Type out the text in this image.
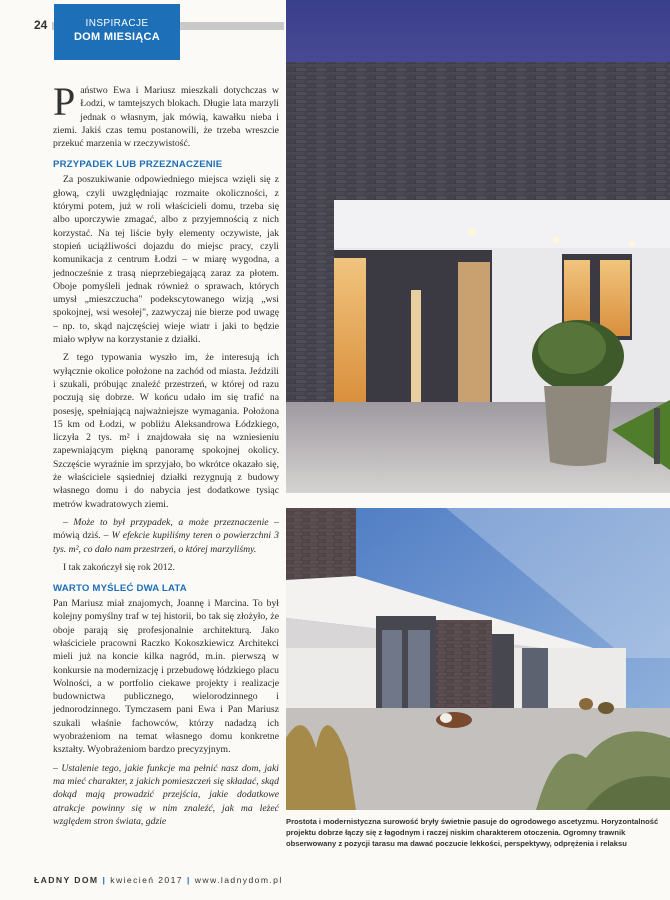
24	INSPIRACJE
DOM MIESIĄCA

Państwo Ewa i Mariusz mieszkali dotychczas w Łodzi, w tamtejszych blokach. Długie lata marzyli jednak o własnym, jak mówią, kawałku nieba i ziemi. Jakiś czas temu postanowili, że trzeba wreszcie przekuć marzenia w rzeczywistość.

PRZYPADEK LUB PRZEZNACZENIE

Za poszukiwanie odpowiedniego miejsca wzięli się z głową, czyli uwzględniając rozmaite okoliczności, z którymi potem, już w roli właścicieli domu, trzeba się albo uporczywie zmagać, albo z przyjemnością z nich korzystać. Na tej liście były elementy oczywiste, jak stopień uciążliwości dojazdu do miejsc pracy, czyli komunikacja z centrum Łodzi – w miarę wygodna, a jednocześnie z trasą nieprzebiegającą zaraz za płotem. Oboje pomyśleli jednak również o sprawach, których umysł „mieszczucha" podekscytowanego wizją „wsi spokojnej, wsi wesołej", zazwyczaj nie bierze pod uwagę – np. to, skąd najczęściej wieje wiatr i jaki to będzie miało wpływ na korzystanie z działki.

Z tego typowania wyszło im, że interesują ich wyłącznie okolice położone na zachód od miasta. Jeździli i szukali, próbując znaleźć przestrzeń, w której od razu poczują się dobrze. W końcu udało im się trafić na posesję, spełniającą najważniejsze wymagania. Położona 15 km od Łodzi, w pobliżu Aleksandrowa Łódzkiego, liczyła 2 tys. m² i znajdowała się na wzniesieniu zapewniającym piękną panoramę spokojnej okolicy. Szczęście wyraźnie im sprzyjało, bo wkrótce okazało się, że właściciele sąsiedniej działki rezygnują z budowy własnego domu i do nabycia jest dodatkowe tysiąc metrów kwadratowych ziemi.

– Może to był przypadek, a może przeznaczenie – mówią dziś. – W efekcie kupiliśmy teren o powierzchni 3 tys. m², co dało nam przestrzeń, o której marzyliśmy.

I tak zakończył się rok 2012.

WARTO MYŚLEĆ DWA LATA

Pan Mariusz miał znajomych, Joannę i Marcina. To był kolejny pomyślny traf w tej historii, bo tak się złożyło, że oboje parają się profesjonalnie architekturą. Jako właściciele pracowni Raczko Kokoszkiewicz Architekci mieli już na koncie kilka nagród, m.in. pierwszą w konkursie na modernizację i przebudowę łódzkiego placu Wolności, a w portfolio ciekawe projekty i realizacje budownictwa publicznego, wielorodzinnego i jednorodzinnego. Tymczasem pani Ewa i Pan Mariusz szukali właśnie fachowców, którzy nadadzą ich wyobrażeniom na temat własnego domu konkretne kształty. Wyobrażeniom bardzo precyzyjnym.

– Ustalenie tego, jakie funkcje ma pełnić nasz dom, jaki ma mieć charakter, z jakich pomieszczeń się składać, skąd dokąd mają prowadzić przejścia, jakie dodatkowe atrakcje powinny się w nim znaleźć, jak ma leżeć względem stron świata, gdzie	Prostota i modernistyczna surowość bryły świetnie pasuje do ogrodowego ascetyzmu. Horyzontalność projektu dobrze łączy się z łagodnym i raczej niskim charakterem otoczenia. Ogromny trawnik obserwowany z pozycji tarasu ma dawać poczucie lekkości, perspektywy, odprężenia i relaksu
ŁADNY DOM | kwiecień 2017 | www.ladnydom.pl
